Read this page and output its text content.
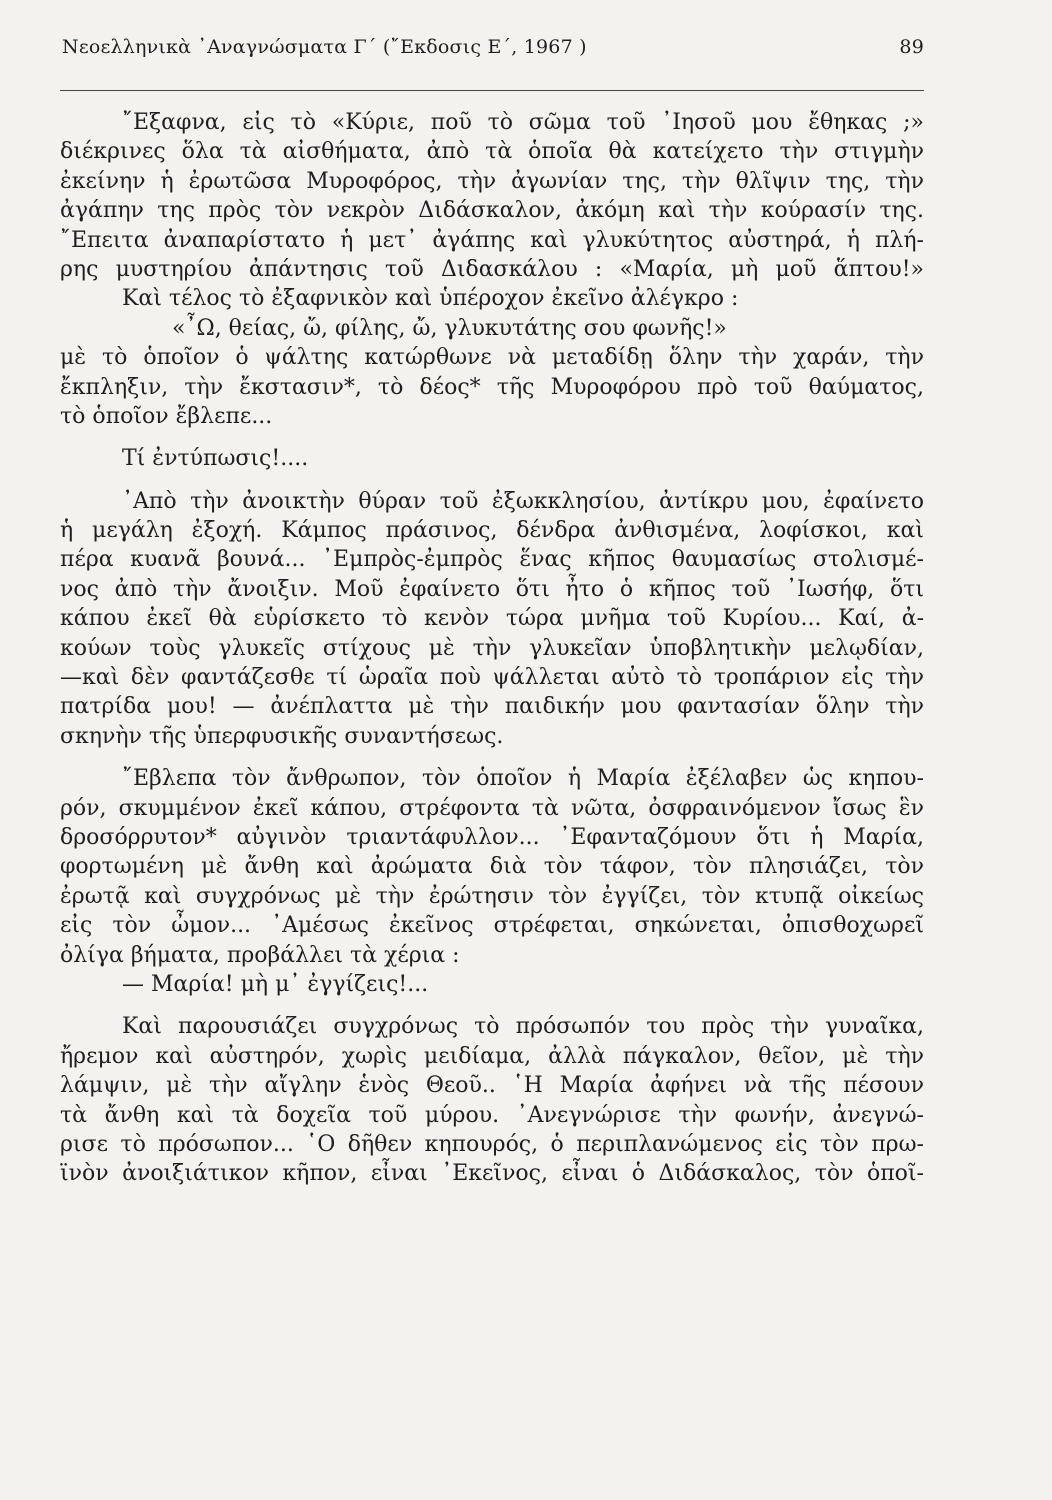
Νεοελληνικὰ ᾿Αναγνώσματα Γ΄ (῎Εκδοσις Ε΄, 1967 )	89
῎Εξαφνα, εἰς τὸ «Κύριε, ποῦ τὸ σῶμα τοῦ ᾿Ιησοῦ μου ἔθηκας ;»
διέκρινες ὅλα τὰ αἰσθήματα, ἀπὸ τὰ ὁποῖα θὰ κατείχετο τὴν στιγμὴν
ἐκείνην ἡ ἐρωτῶσα Μυροφόρος, τὴν ἀγωνίαν της, τὴν θλῖψιν της, τὴν
ἀγάπην της πρὸς τὸν νεκρὸν Διδάσκαλον, ἀκόμη καὶ τὴν κούρασίν της.
῎Επειτα ἀναπαρίστατο ἡ μετ᾿ ἀγάπης καὶ γλυκύτητος αὐστηρά, ἡ πλή-
ρης μυστηρίου ἀπάντησις τοῦ Διδασκάλου : «Μαρία, μὴ μοῦ ἅπτου!»
Καὶ τέλος τὸ ἐξαφνικὸν καὶ ὑπέροχον ἐκεῖνο ἀλέγκρο :
«῏Ω, θείας, ὤ, φίλης, ὤ, γλυκυτάτης σου φωνῆς!»
μὲ τὸ ὁποῖον ὁ ψάλτης κατώρθωνε νὰ μεταδίδῃ ὅλην τὴν χαράν, τὴν
ἔκπληξιν, τὴν ἔκστασιν*, τὸ δέος* τῆς Μυροφόρου πρὸ τοῦ θαύματος,
τὸ ὁποῖον ἔβλεπε...
Τί ἐντύπωσις!....
᾿Απὸ τὴν ἀνοικτὴν θύραν τοῦ ἐξωκκλησίου, ἀντίκρυ μου, ἐφαίνετο
ἡ μεγάλη ἐξοχή. Κάμπος πράσινος, δένδρα ἀνθισμένα, λοφίσκοι, καὶ
πέρα κυανᾶ βουνά... ᾿Εμπρὸς-ἐμπρὸς ἕνας κῆπος θαυμασίως στολισμέ-
νος ἀπὸ τὴν ἄνοιξιν. Μοῦ ἐφαίνετο ὅτι ἦτο ὁ κῆπος τοῦ ᾿Ιωσήφ, ὅτι
κάπου ἐκεῖ θὰ εὑρίσκετο τὸ κενὸν τώρα μνῆμα τοῦ Κυρίου... Καί, ἀ-
κούων τοὺς γλυκεῖς στίχους μὲ τὴν γλυκεῖαν ὑποβλητικὴν μελῳδίαν,
—καὶ δὲν φαντάζεσθε τί ὡραῖα ποὺ ψάλλεται αὐτὸ τὸ τροπάριον εἰς τὴν
πατρίδα μου! — ἀνέπλαττα μὲ τὴν παιδικήν μου φαντασίαν ὅλην τὴν
σκηνὴν τῆς ὑπερφυσικῆς συναντήσεως.
῎Εβλεπα τὸν ἄνθρωπον, τὸν ὁποῖον ἡ Μαρία ἐξέλαβεν ὡς κηπου-
ρόν, σκυμμένον ἐκεῖ κάπου, στρέφοντα τὰ νῶτα, ὀσφραινόμενον ἴσως ἓν
δροσόρρυτον* αὐγινὸν τριαντάφυλλον... ᾿Εφανταζόμουν ὅτι ἡ Μαρία,
φορτωμένη μὲ ἄνθη καὶ ἀρώματα διὰ τὸν τάφον, τὸν πλησιάζει, τὸν
ἐρωτᾷ καὶ συγχρόνως μὲ τὴν ἐρώτησιν τὸν ἐγγίζει, τὸν κτυπᾷ οἰκείως
εἰς τὸν ὦμον... ᾿Αμέσως ἐκεῖνος στρέφεται, σηκώνεται, ὀπισθοχωρεῖ
ὀλίγα βήματα, προβάλλει τὰ χέρια :
— Μαρία! μὴ μ᾿ ἐγγίζεις!...
Καὶ παρουσιάζει συγχρόνως τὸ πρόσωπόν του πρὸς τὴν γυναῖκα,
ἤρεμον καὶ αὐστηρόν, χωρὶς μειδίαμα, ἀλλὰ πάγκαλον, θεῖον, μὲ τὴν
λάμψιν, μὲ τὴν αἴγλην ἑνὸς Θεοῦ.. ῾Η Μαρία ἀφήνει νὰ τῆς πέσουν
τὰ ἄνθη καὶ τὰ δοχεῖα τοῦ μύρου. ᾿Ανεγνώρισε τὴν φωνήν, ἀνεγνώ-
ρισε τὸ πρόσωπον... ῾Ο δῆθεν κηπουρός, ὁ περιπλανώμενος εἰς τὸν πρω-
ϊνὸν ἀνοιξιάτικον κῆπον, εἶναι ᾿Εκεῖνος, εἶναι ὁ Διδάσκαλος, τὸν ὁποῖ-
